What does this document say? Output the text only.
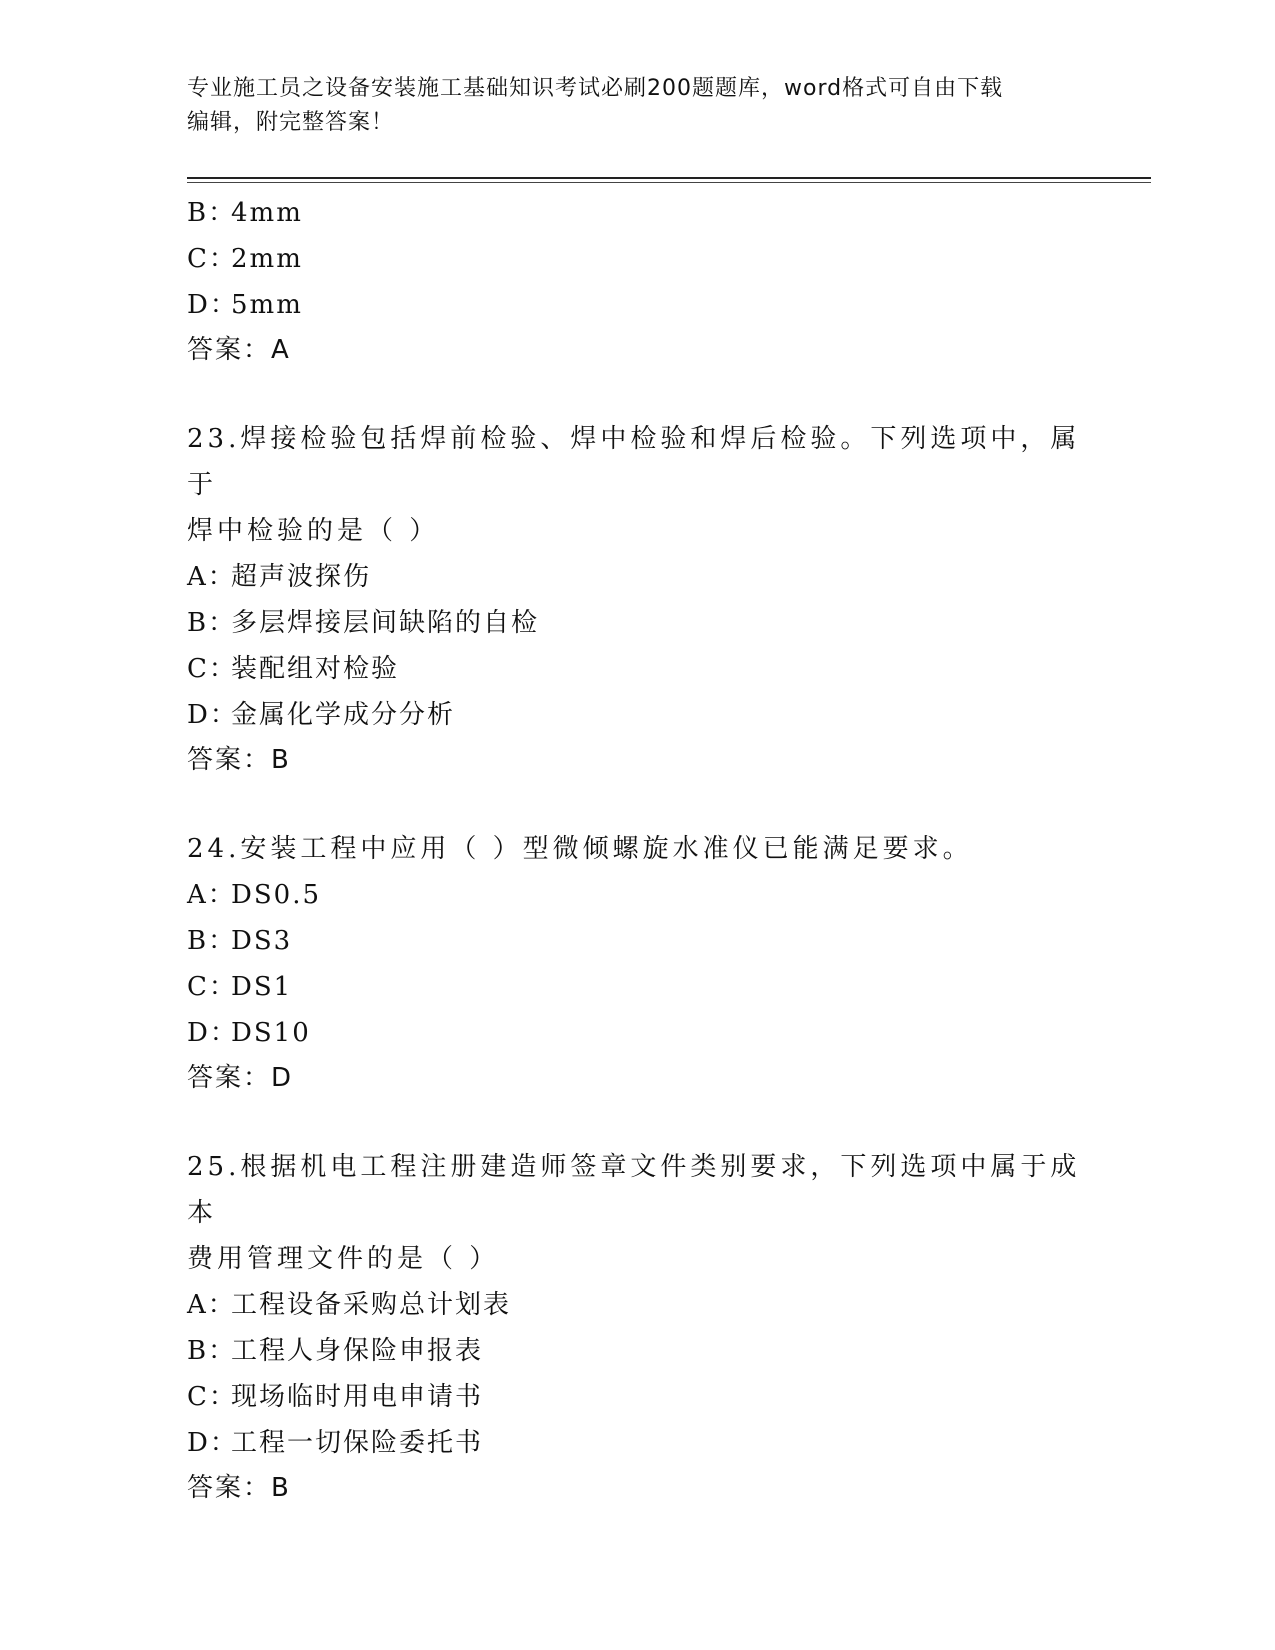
专业施工员之设备安装施工基础知识考试必刷200题题库，word格式可自由下载
编辑，附完整答案！
B：4mm
C：2mm
D：5mm
答案：A
23.焊接检验包括焊前检验、焊中检验和焊后检验。下列选项中，属于
焊中检验的是（ ）
A：超声波探伤
B：多层焊接层间缺陷的自检
C：装配组对检验
D：金属化学成分分析
答案：B
24.安装工程中应用（ ）型微倾螺旋水准仪已能满足要求。
A：DS0.5
B：DS3
C：DS1
D：DS10
答案：D
25.根据机电工程注册建造师签章文件类别要求，下列选项中属于成本
费用管理文件的是（ ）
A：工程设备采购总计划表
B：工程人身保险申报表
C：现场临时用电申请书
D：工程一切保险委托书
答案：B
